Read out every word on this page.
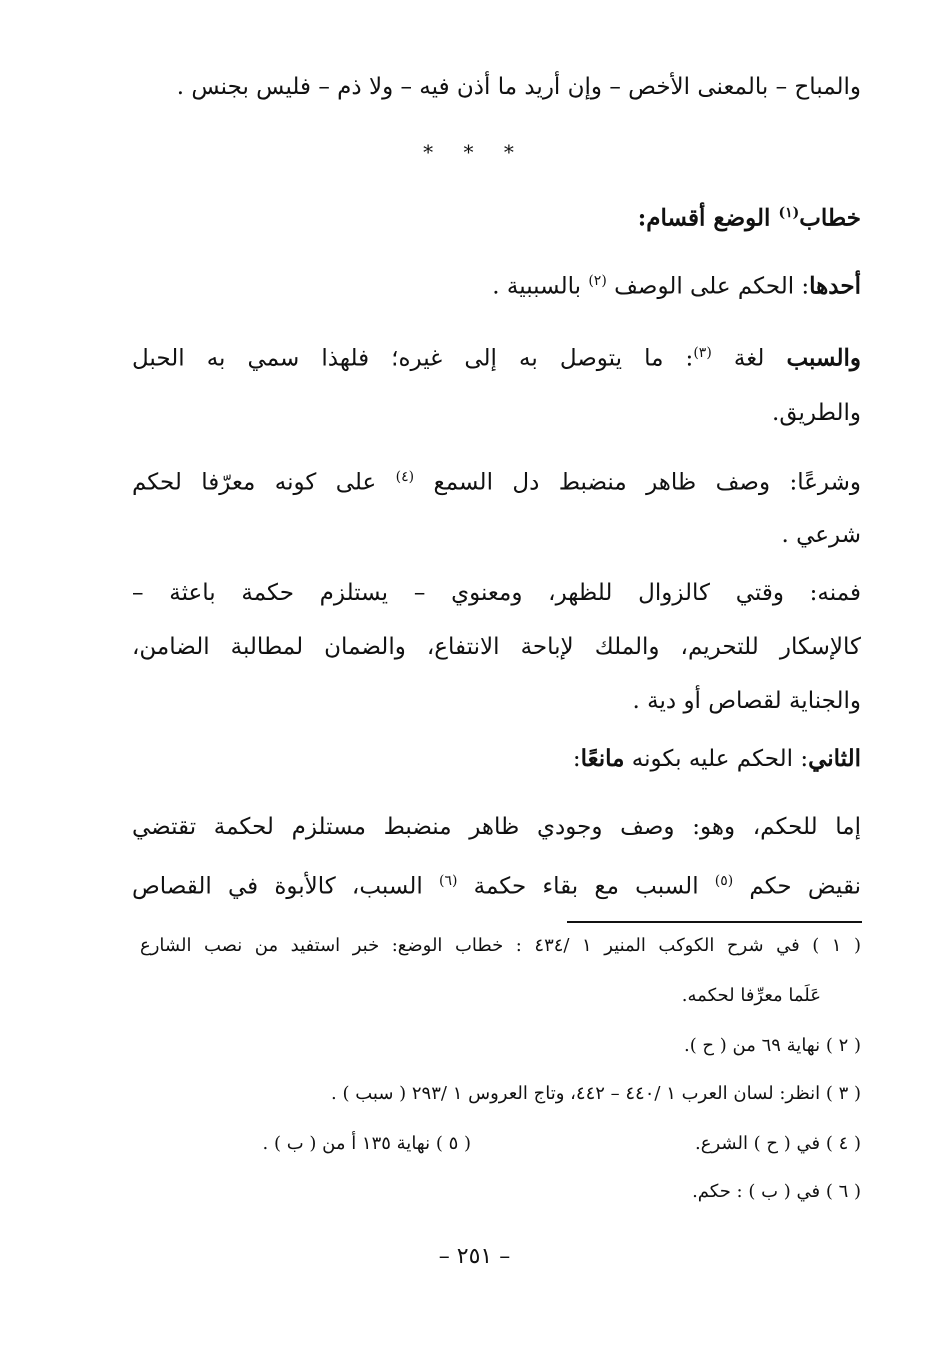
والمباح – بالمعنى الأخص – وإن أريد ما أذن فيه – ولا ذم – فليس بجنس .
* * *
خطاب$^{(١)}$ الوضع أقسام:
أحدها: الحكم على الوصف $^{(٢)}$ بالسببية .
والسبب لغة $^{(٣)}$: ما يتوصل به إلى غيره؛ فلهذا سمي به الحبل
والطريق.
وشرعًا: وصف ظاهر منضبط دل السمع $^{(٤)}$ على كونه معرّفا لحكم
شرعي .
فمنه: وقتي كالزوال للظهر، ومعنوي – يستلزم حكمة باعثة –
كالإسكار للتحريم، والملك لإباحة الانتفاع، والضمان لمطالبة الضامن،
والجناية لقصاص أو دية .
الثاني: الحكم عليه بكونه مانعًا:
إما للحكم، وهو: وصف وجودي ظاهر منضبط مستلزم لحكمة تقتضي
نقيض حكم $^{(٥)}$ السبب مع بقاء حكمة $^{(٦)}$ السبب، كالأبوة في القصاص
( ١ ) في شرح الكوكب المنير ١ /٤٣٤ : خطاب الوضع: خبر استفيد من نصب الشارع
عَلَما معرِّفا لحكمه.
( ٢ ) نهاية ٦٩ من ( ح ).
( ٣ ) انظر: لسان العرب ١ /٤٤٠ – ٤٤٢، وتاج العروس ١ /٢٩٣ ( سبب ) .
( ٤ ) في ( ح ) الشرع.
( ٥ ) نهاية ١٣٥ أ من ( ب ) .
( ٦ ) في ( ب ) : حكم.
– ٢٥١ –
